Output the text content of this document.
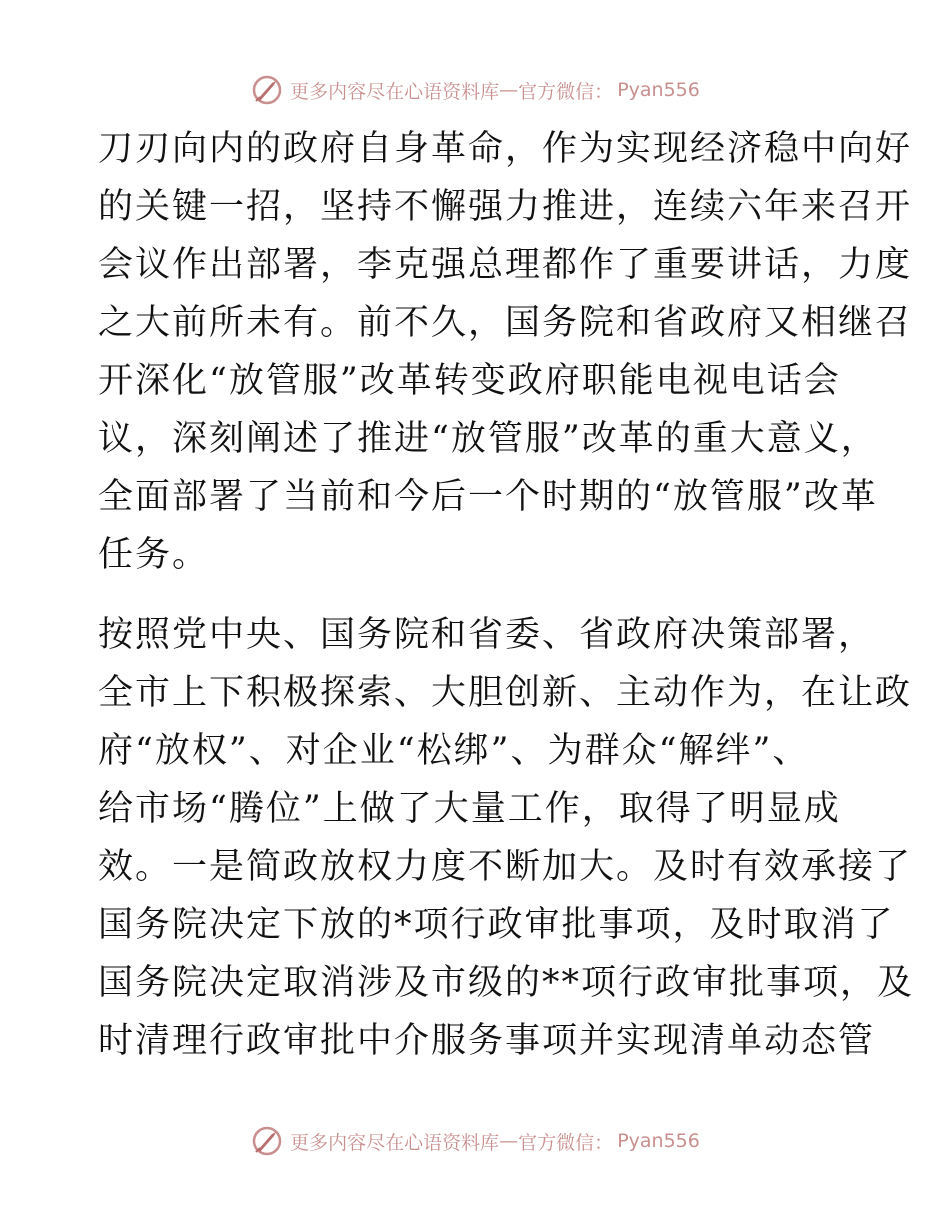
更多内容尽在心语资料库 — 官方微信： Pyan556

刀刃向内的政府自身革命，作为实现经济稳中向好
的关键一招，坚持不懈强力推进，连续六年来召开
会议作出部署，李克强总理都作了重要讲话，力度
之大前所未有。前不久，国务院和省政府又相继召
开深化“放管服”改革转变政府职能电视电话会
议，深刻阐述了推进“放管服”改革的重大意义，
全面部署了当前和今后一个时期的“放管服”改革
任务。

按照党中央、国务院和省委、省政府决策部署，
全市上下积极探索、大胆创新、主动作为，在让政
府“放权”、对企业“松绑”、为群众“解绊”、
给市场“腾位”上做了大量工作，取得了明显成
效。一是简政放权力度不断加大。及时有效承接了
国务院决定下放的*项行政审批事项，及时取消了
国务院决定取消涉及市级的**项行政审批事项，及
时清理行政审批中介服务事项并实现清单动态管

更多内容尽在心语资料库 — 官方微信： Pyan556
